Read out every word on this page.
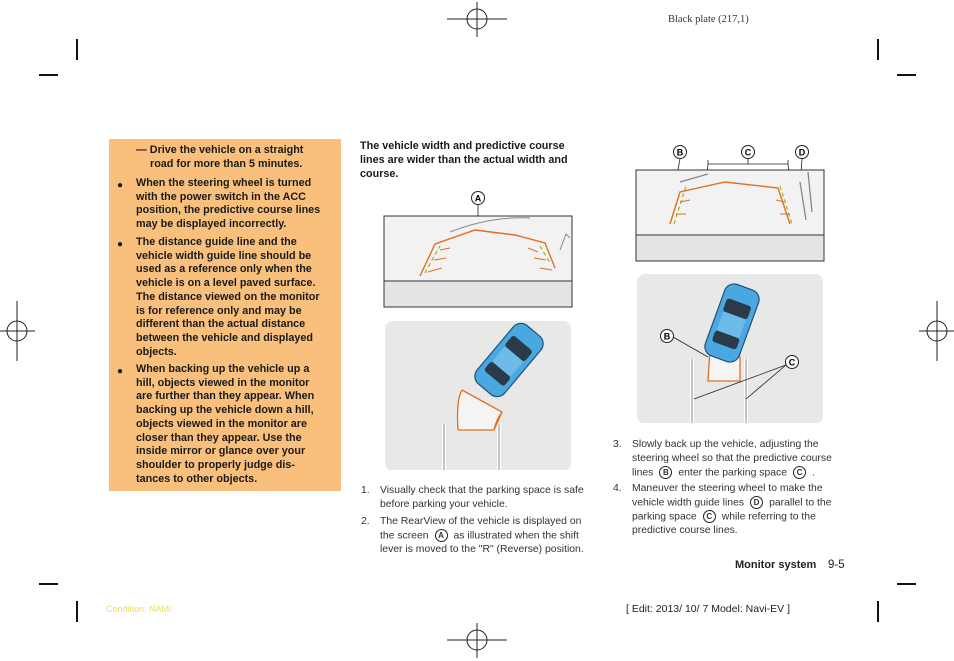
Black plate (217,1)
— Drive the vehicle on a straight
road for more than 5 minutes.
● When the steering wheel is turned
with the power switch in the ACC
position, the predictive course lines
may be displayed incorrectly.
● The distance guide line and the
vehicle width guide line should be
used as a reference only when the
vehicle is on a level paved surface.
The distance viewed on the monitor
is for reference only and may be
different than the actual distance
between the vehicle and displayed
objects.
● When backing up the vehicle up a
hill, objects viewed in the monitor
are further than they appear. When
backing up the vehicle down a hill,
objects viewed in the monitor are
closer than they appear. Use the
inside mirror or glance over your
shoulder to properly judge dis-
tances to other objects.
The vehicle width and predictive course
lines are wider than the actual width and
course.
A
B	C	D
B
C
1. Visually check that the parking space is safe
before parking your vehicle.
2. The RearView of the vehicle is displayed on
the screen A as illustrated when the shift
lever is moved to the "R" (Reverse) position.
3. Slowly back up the vehicle, adjusting the
steering wheel so that the predictive course
lines B enter the parking space C .
4. Maneuver the steering wheel to make the
vehicle width guide lines D parallel to the
parking space C while referring to the
predictive course lines.
Monitor system 9-5
Condition: NAM/	[ Edit: 2013/ 10/ 7 Model: Navi-EV ]
